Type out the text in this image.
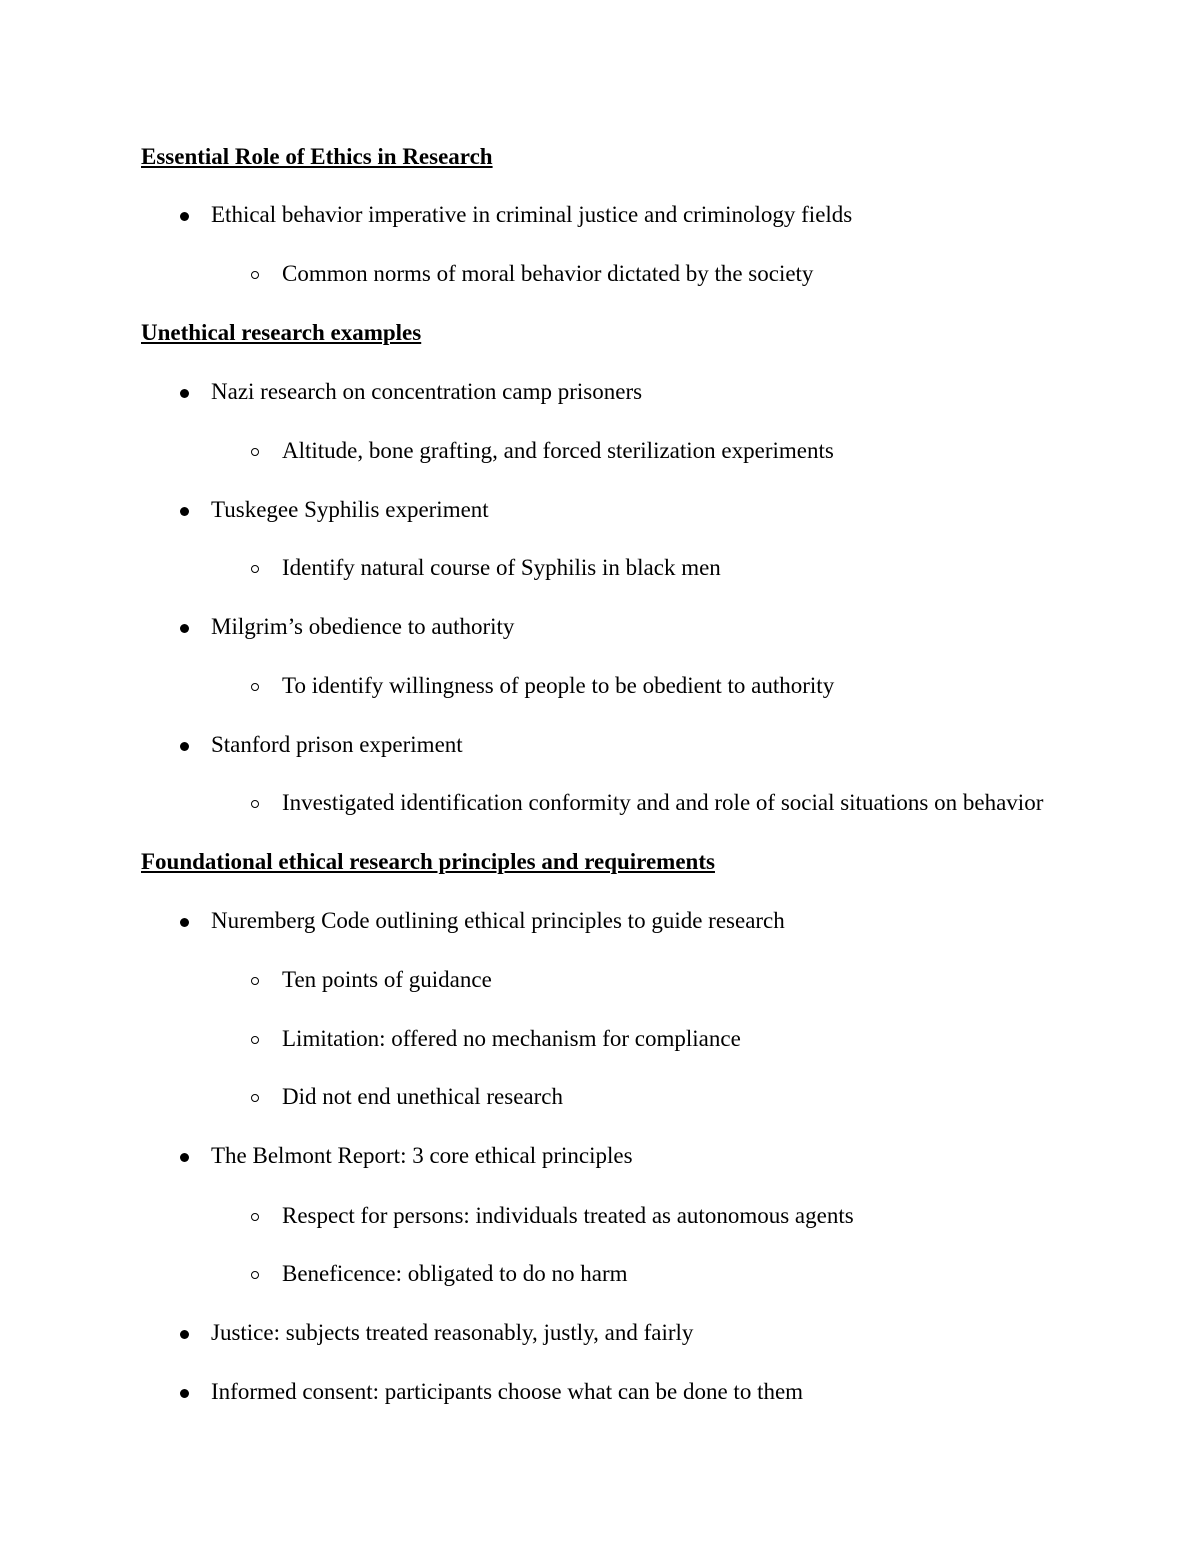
Essential Role of Ethics in Research
Ethical behavior imperative in criminal justice and criminology fields
Common norms of moral behavior dictated by the society
Unethical research examples
Nazi research on concentration camp prisoners
Altitude, bone grafting, and forced sterilization experiments
Tuskegee Syphilis experiment
Identify natural course of Syphilis in black men
Milgrim’s obedience to authority
To identify willingness of people to be obedient to authority
Stanford prison experiment
Investigated identification conformity and and role of social situations on behavior
Foundational ethical research principles and requirements
Nuremberg Code outlining ethical principles to guide research
Ten points of guidance
Limitation: offered no mechanism for compliance
Did not end unethical research
The Belmont Report: 3 core ethical principles
Respect for persons: individuals treated as autonomous agents
Beneficence: obligated to do no harm
Justice: subjects treated reasonably, justly, and fairly
Informed consent: participants choose what can be done to them
